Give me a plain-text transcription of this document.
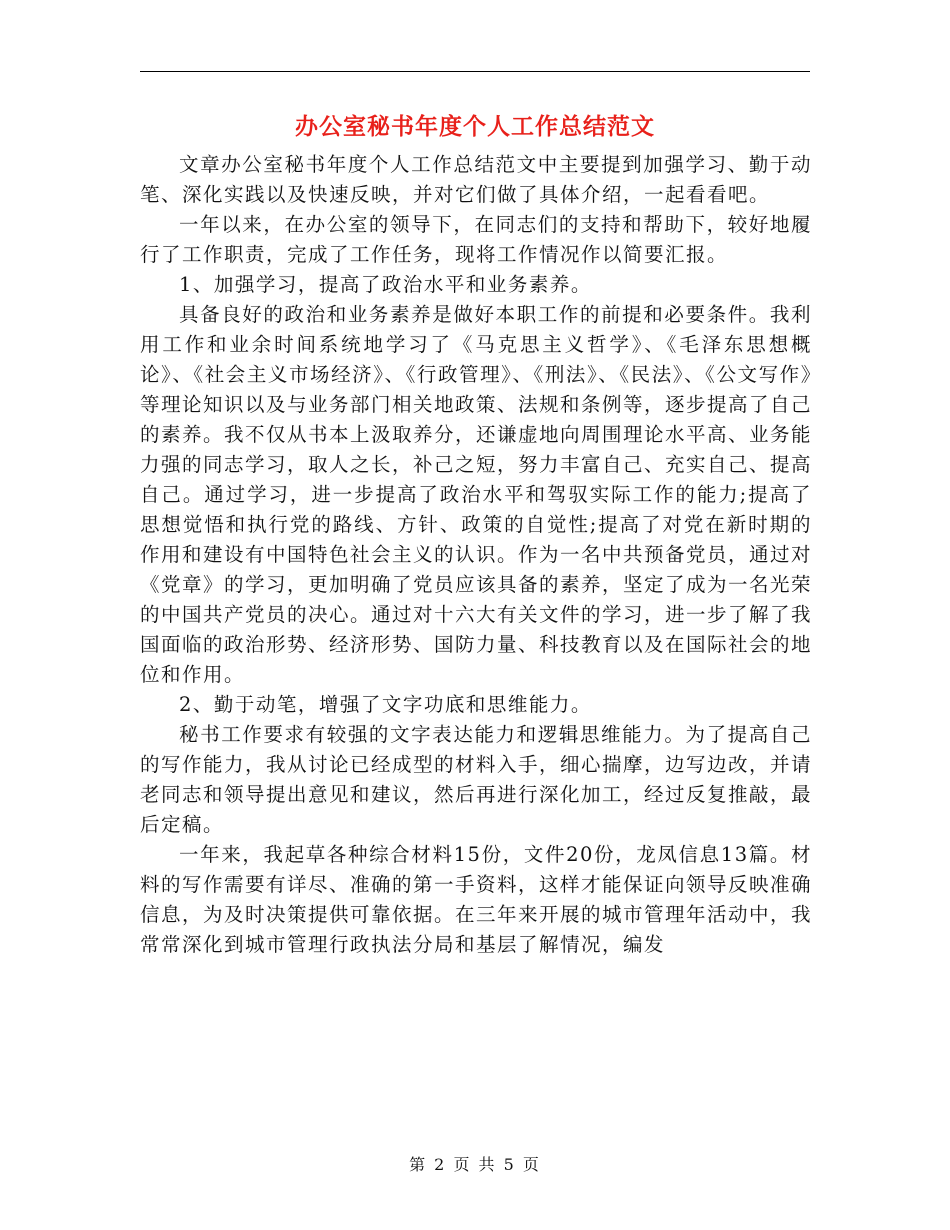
办公室秘书年度个人工作总结范文

文章办公室秘书年度个人工作总结范文中主要提到加强学习、勤于动笔、深化实践以及快速反映，并对它们做了具体介绍，一起看看吧。

一年以来，在办公室的领导下，在同志们的支持和帮助下，较好地履行了工作职责，完成了工作任务，现将工作情况作以简要汇报。

1、加强学习，提高了政治水平和业务素养。

具备良好的政治和业务素养是做好本职工作的前提和必要条件。我利用工作和业余时间系统地学习了《马克思主义哲学》、《毛泽东思想概论》、《社会主义市场经济》、《行政管理》、《刑法》、《民法》、《公文写作》等理论知识以及与业务部门相关地政策、法规和条例等，逐步提高了自己的素养。我不仅从书本上汲取养分，还谦虚地向周围理论水平高、业务能力强的同志学习，取人之长，补己之短，努力丰富自己、充实自己、提高自己。通过学习，进一步提高了政治水平和驾驭实际工作的能力;提高了思想觉悟和执行党的路线、方针、政策的自觉性;提高了对党在新时期的作用和建设有中国特色社会主义的认识。作为一名中共预备党员，通过对《党章》的学习，更加明确了党员应该具备的素养，坚定了成为一名光荣的中国共产党员的决心。通过对十六大有关文件的学习，进一步了解了我国面临的政治形势、经济形势、国防力量、科技教育以及在国际社会的地位和作用。

2、勤于动笔，增强了文字功底和思维能力。

秘书工作要求有较强的文字表达能力和逻辑思维能力。为了提高自己的写作能力，我从讨论已经成型的材料入手，细心揣摩，边写边改，并请老同志和领导提出意见和建议，然后再进行深化加工，经过反复推敲，最后定稿。

一年来，我起草各种综合材料15份，文件20份，龙凤信息13篇。材料的写作需要有详尽、准确的第一手资料，这样才能保证向领导反映准确信息，为及时决策提供可靠依据。在三年来开展的城市管理年活动中，我常常深化到城市管理行政执法分局和基层了解情况，编发

第 2 页 共 5 页
